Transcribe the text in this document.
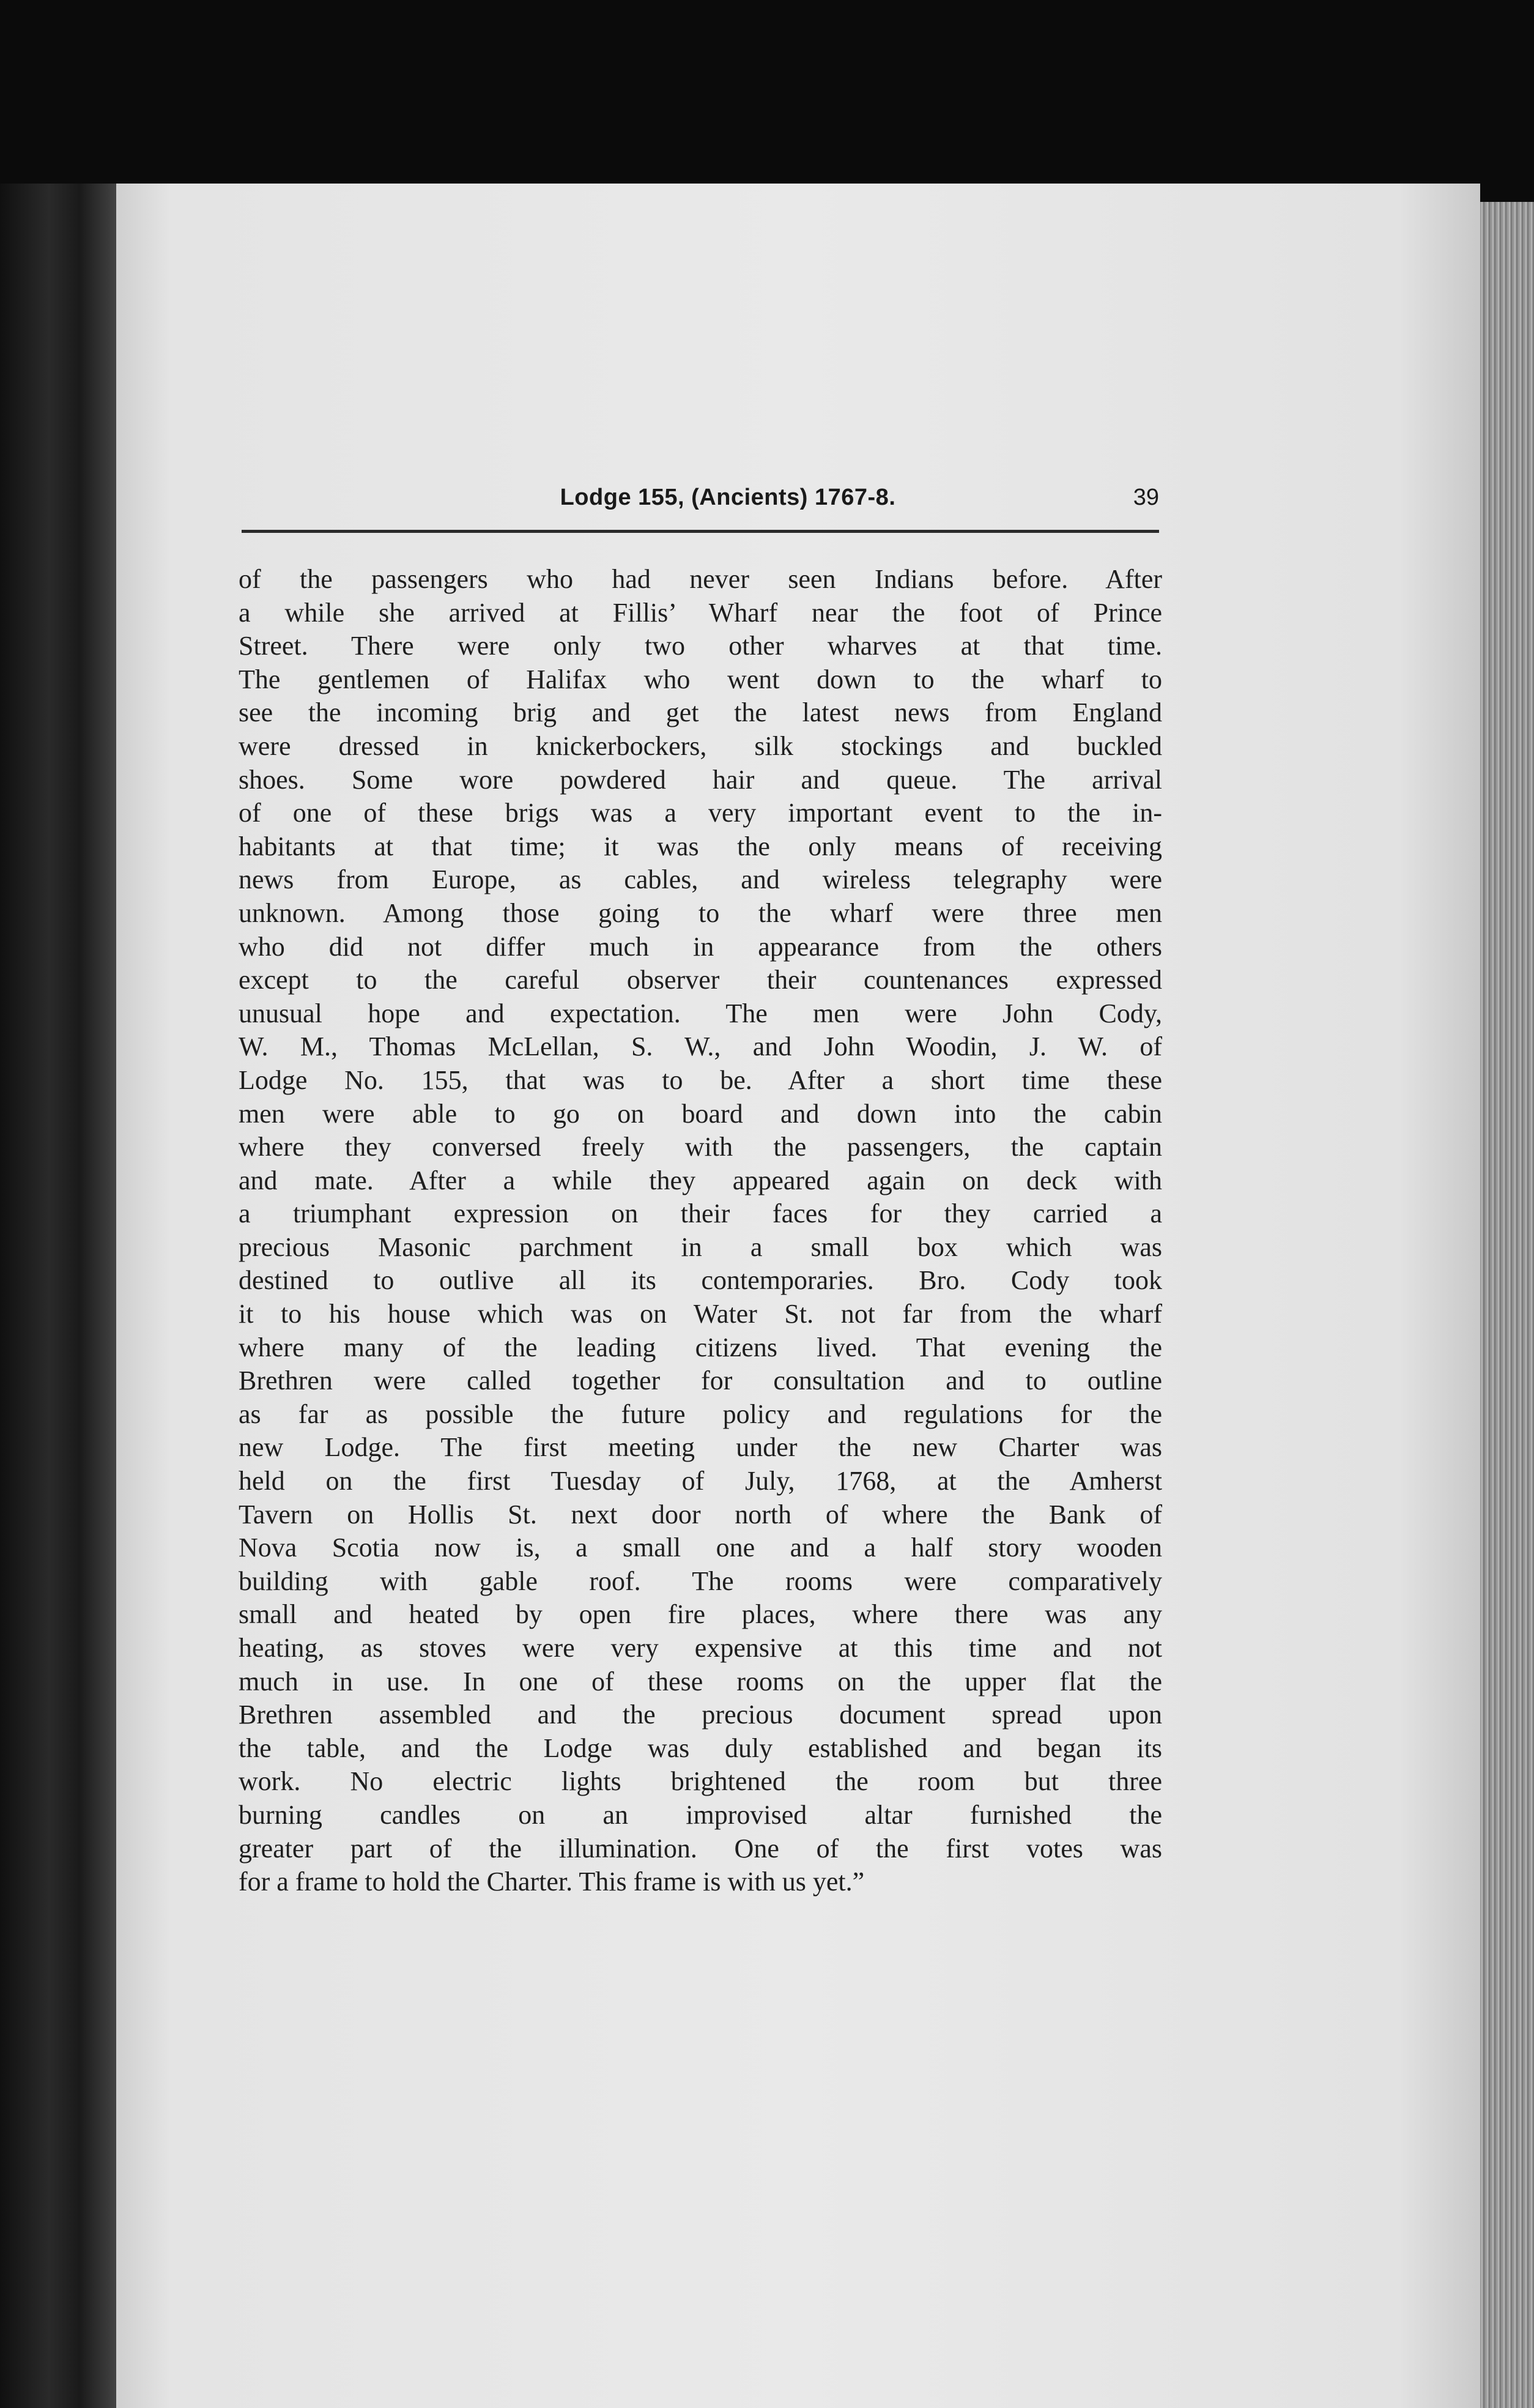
Lodge 155, (Ancients) 1767-8.	39
of the passengers who had never seen Indians before. After
a while she arrived at Fillis’ Wharf near the foot of Prince
Street. There were only two other wharves at that time.
The gentlemen of Halifax who went down to the wharf to
see the incoming brig and get the latest news from England
were dressed in knickerbockers, silk stockings and buckled
shoes. Some wore powdered hair and queue. The arrival
of one of these brigs was a very important event to the in-
habitants at that time; it was the only means of receiving
news from Europe, as cables, and wireless telegraphy were
unknown. Among those going to the wharf were three men
who did not differ much in appearance from the others
except to the careful observer their countenances expressed
unusual hope and expectation. The men were John Cody,
W. M., Thomas McLellan, S. W., and John Woodin, J. W. of
Lodge No. 155, that was to be. After a short time these
men were able to go on board and down into the cabin
where they conversed freely with the passengers, the captain
and mate. After a while they appeared again on deck with
a triumphant expression on their faces for they carried a
precious Masonic parchment in a small box which was
destined to outlive all its contemporaries. Bro. Cody took
it to his house which was on Water St. not far from the wharf
where many of the leading citizens lived. That evening the
Brethren were called together for consultation and to outline
as far as possible the future policy and regulations for the
new Lodge. The first meeting under the new Charter was
held on the first Tuesday of July, 1768, at the Amherst
Tavern on Hollis St. next door north of where the Bank of
Nova Scotia now is, a small one and a half story wooden
building with gable roof. The rooms were comparatively
small and heated by open fire places, where there was any
heating, as stoves were very expensive at this time and not
much in use. In one of these rooms on the upper flat the
Brethren assembled and the precious document spread upon
the table, and the Lodge was duly established and began its
work. No electric lights brightened the room but three
burning candles on an improvised altar furnished the
greater part of the illumination. One of the first votes was
for a frame to hold the Charter. This frame is with us yet.”
